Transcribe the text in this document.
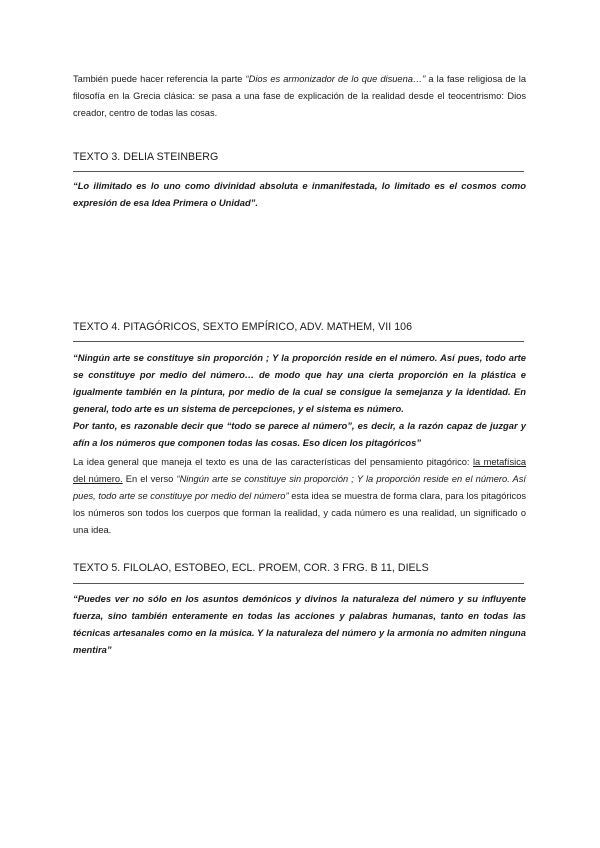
También puede hacer referencia la parte “Dios es armonizador de lo que disuena…” a la fase religiosa de la filosofía en la Grecia clásica: se pasa a una fase de explicación de la realidad desde el teocentrismo: Dios creador, centro de todas las cosas.

TEXTO 3. DELIA STEINBERG

“Lo ilimitado es lo uno como divinidad absoluta e inmanifestada, lo limitado es el cosmos como expresión de esa Idea Primera o Unidad”.

TEXTO 4. PITAGÓRICOS, SEXTO EMPÍRICO, ADV. MATHEM, VII 106

“Ningún arte se constituye sin proporción ; Y la proporción reside en el número. Así pues, todo arte se constituye por medio del número… de modo que hay una cierta proporción en la plástica e igualmente también en la pintura, por medio de la cual se consigue la semejanza y la identidad. En general, todo arte es un sistema de percepciones, y el sistema es número.

Por tanto, es razonable decir que “todo se parece al número”, es decir, a la razón capaz de juzgar y afín a los números que componen todas las cosas. Eso dicen los pitagóricos”

La idea general que maneja el texto es una de las características del pensamiento pitagórico: la metafísica del número. En el verso “Ningún arte se constituye sin proporción ; Y la proporción reside en el número. Así pues, todo arte se constituye por medio del número” esta idea se muestra de forma clara, para los pitagóricos los números son todos los cuerpos que forman la realidad, y cada número es una realidad, un significado o una idea.

TEXTO 5. FILOLAO, ESTOBEO, ECL. PROEM, COR. 3 FRG. B 11, DIELS

“Puedes ver no sólo en los asuntos demónicos y divinos la naturaleza del número y su influyente fuerza, sino también enteramente en todas las acciones y palabras humanas, tanto en todas las técnicas artesanales como en la música. Y la naturaleza del número y la armonía no admiten ninguna mentira”
